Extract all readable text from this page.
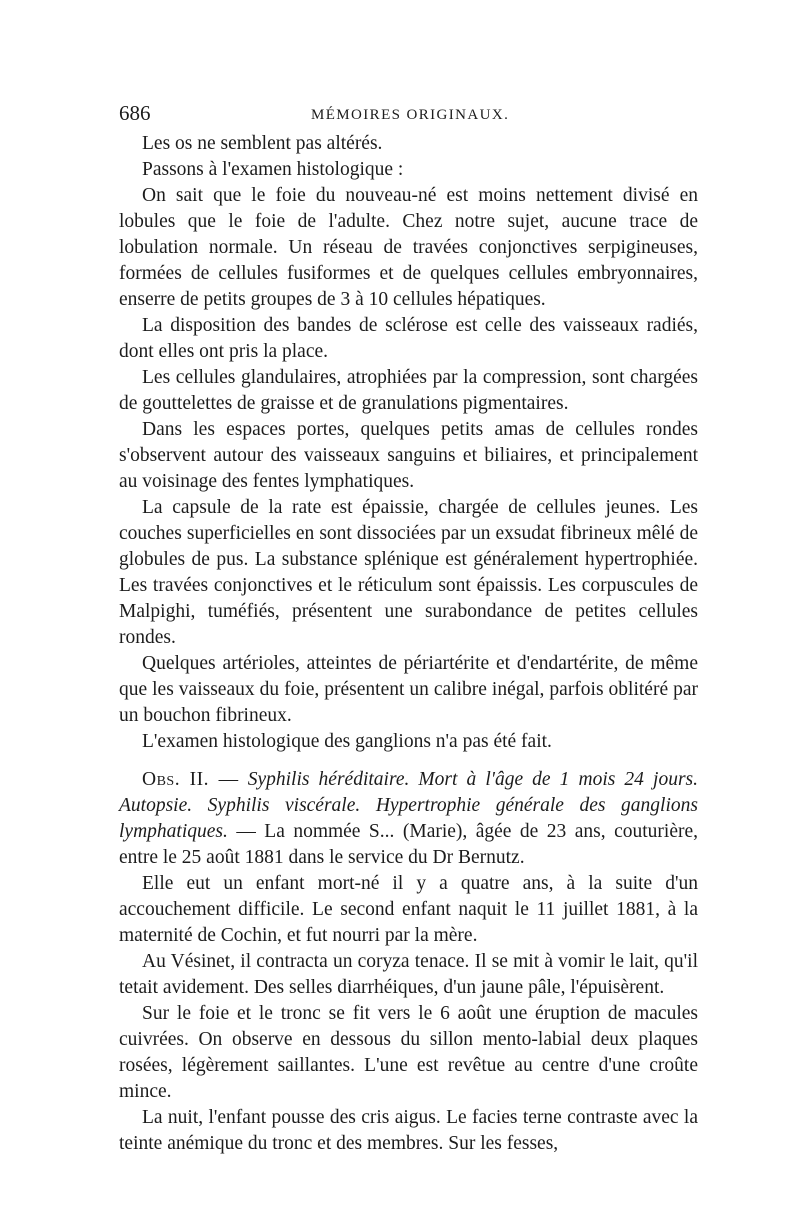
686	MÉMOIRES ORIGINAUX.

Les os ne semblent pas altérés.

Passons à l'examen histologique :

On sait que le foie du nouveau-né est moins nettement divisé en lobules que le foie de l'adulte. Chez notre sujet, aucune trace de lobulation normale. Un réseau de travées conjonctives serpigineuses, formées de cellules fusiformes et de quelques cellules embryonnaires, enserre de petits groupes de 3 à 10 cellules hépatiques.

La disposition des bandes de sclérose est celle des vaisseaux radiés, dont elles ont pris la place.

Les cellules glandulaires, atrophiées par la compression, sont chargées de gouttelettes de graisse et de granulations pigmentaires.

Dans les espaces portes, quelques petits amas de cellules rondes s'observent autour des vaisseaux sanguins et biliaires, et principalement au voisinage des fentes lymphatiques.

La capsule de la rate est épaissie, chargée de cellules jeunes. Les couches superficielles en sont dissociées par un exsudat fibrineux mêlé de globules de pus. La substance splénique est généralement hypertrophiée. Les travées conjonctives et le réticulum sont épaissis. Les corpuscules de Malpighi, tuméfiés, présentent une surabondance de petites cellules rondes.

Quelques artérioles, atteintes de périartérite et d'endartérite, de même que les vaisseaux du foie, présentent un calibre inégal, parfois oblitéré par un bouchon fibrineux.

L'examen histologique des ganglions n'a pas été fait.

Obs. II. — Syphilis héréditaire. Mort à l'âge de 1 mois 24 jours. Autopsie. Syphilis viscérale. Hypertrophie générale des ganglions lymphatiques. — La nommée S... (Marie), âgée de 23 ans, couturière, entre le 25 août 1881 dans le service du Dr Bernutz.

Elle eut un enfant mort-né il y a quatre ans, à la suite d'un accouchement difficile. Le second enfant naquit le 11 juillet 1881, à la maternité de Cochin, et fut nourri par la mère.

Au Vésinet, il contracta un coryza tenace. Il se mit à vomir le lait, qu'il tetait avidement. Des selles diarrhéiques, d'un jaune pâle, l'épuisèrent.

Sur le foie et le tronc se fit vers le 6 août une éruption de macules cuivrées. On observe en dessous du sillon mento-labial deux plaques rosées, légèrement saillantes. L'une est revêtue au centre d'une croûte mince.

La nuit, l'enfant pousse des cris aigus. Le facies terne contraste avec la teinte anémique du tronc et des membres. Sur les fesses,
